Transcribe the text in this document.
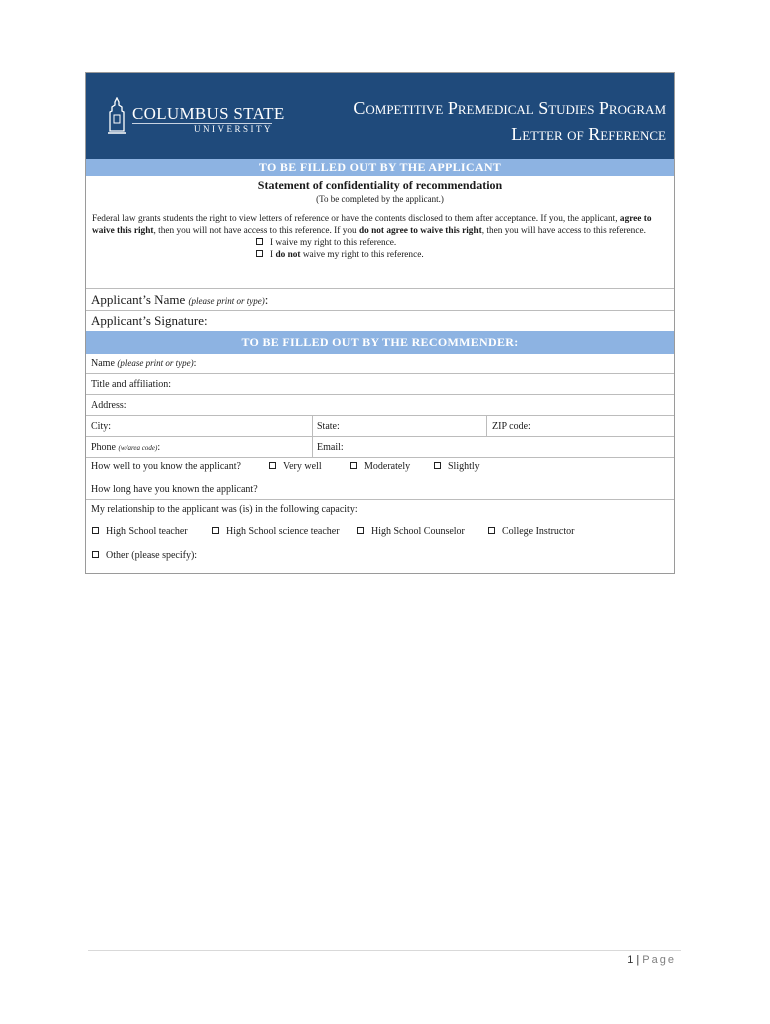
COLUMBUS STATE
UNIVERSITY
Competitive Premedical Studies Program
Letter of Reference
TO BE FILLED OUT BY THE APPLICANT
Statement of confidentiality of recommendation
(To be completed by the applicant.)
Federal law grants students the right to view letters of reference or have the contents disclosed to them after acceptance. If you, the applicant, agree to waive this right, then you will not have access to this reference. If you do not agree to waive this right, then you will have access to this reference.
I waive my right to this reference.
I do not waive my right to this reference.
Applicant’s Name (please print or type):
Applicant’s Signature:
TO BE FILLED OUT BY THE RECOMMENDER:
Name (please print or type):
Title and affiliation:
Address:
City:	State:	ZIP code:
Phone (w/area code):	Email:
How well to you know the applicant?	Very well	Moderately	Slightly
How long have you known the applicant?
My relationship to the applicant was (is) in the following capacity:
High School teacher	High School science teacher	High School Counselor	College Instructor
Other (please specify):
1 | Page
